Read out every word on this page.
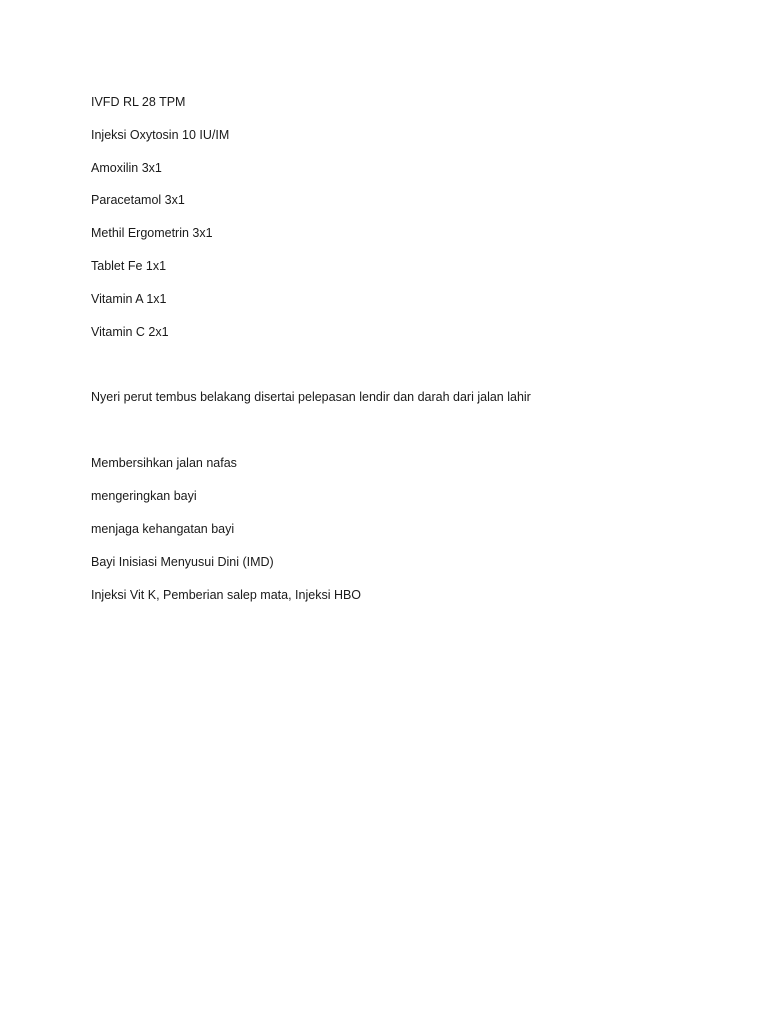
IVFD RL 28 TPM
Injeksi Oxytosin 10 IU/IM
Amoxilin 3x1
Paracetamol 3x1
Methil Ergometrin 3x1
Tablet Fe 1x1
Vitamin A 1x1
Vitamin C 2x1
Nyeri perut tembus belakang disertai pelepasan lendir dan darah dari jalan lahir
Membersihkan jalan nafas
mengeringkan bayi
menjaga kehangatan bayi
Bayi Inisiasi Menyusui Dini (IMD)
Injeksi Vit K, Pemberian salep mata, Injeksi HBO
